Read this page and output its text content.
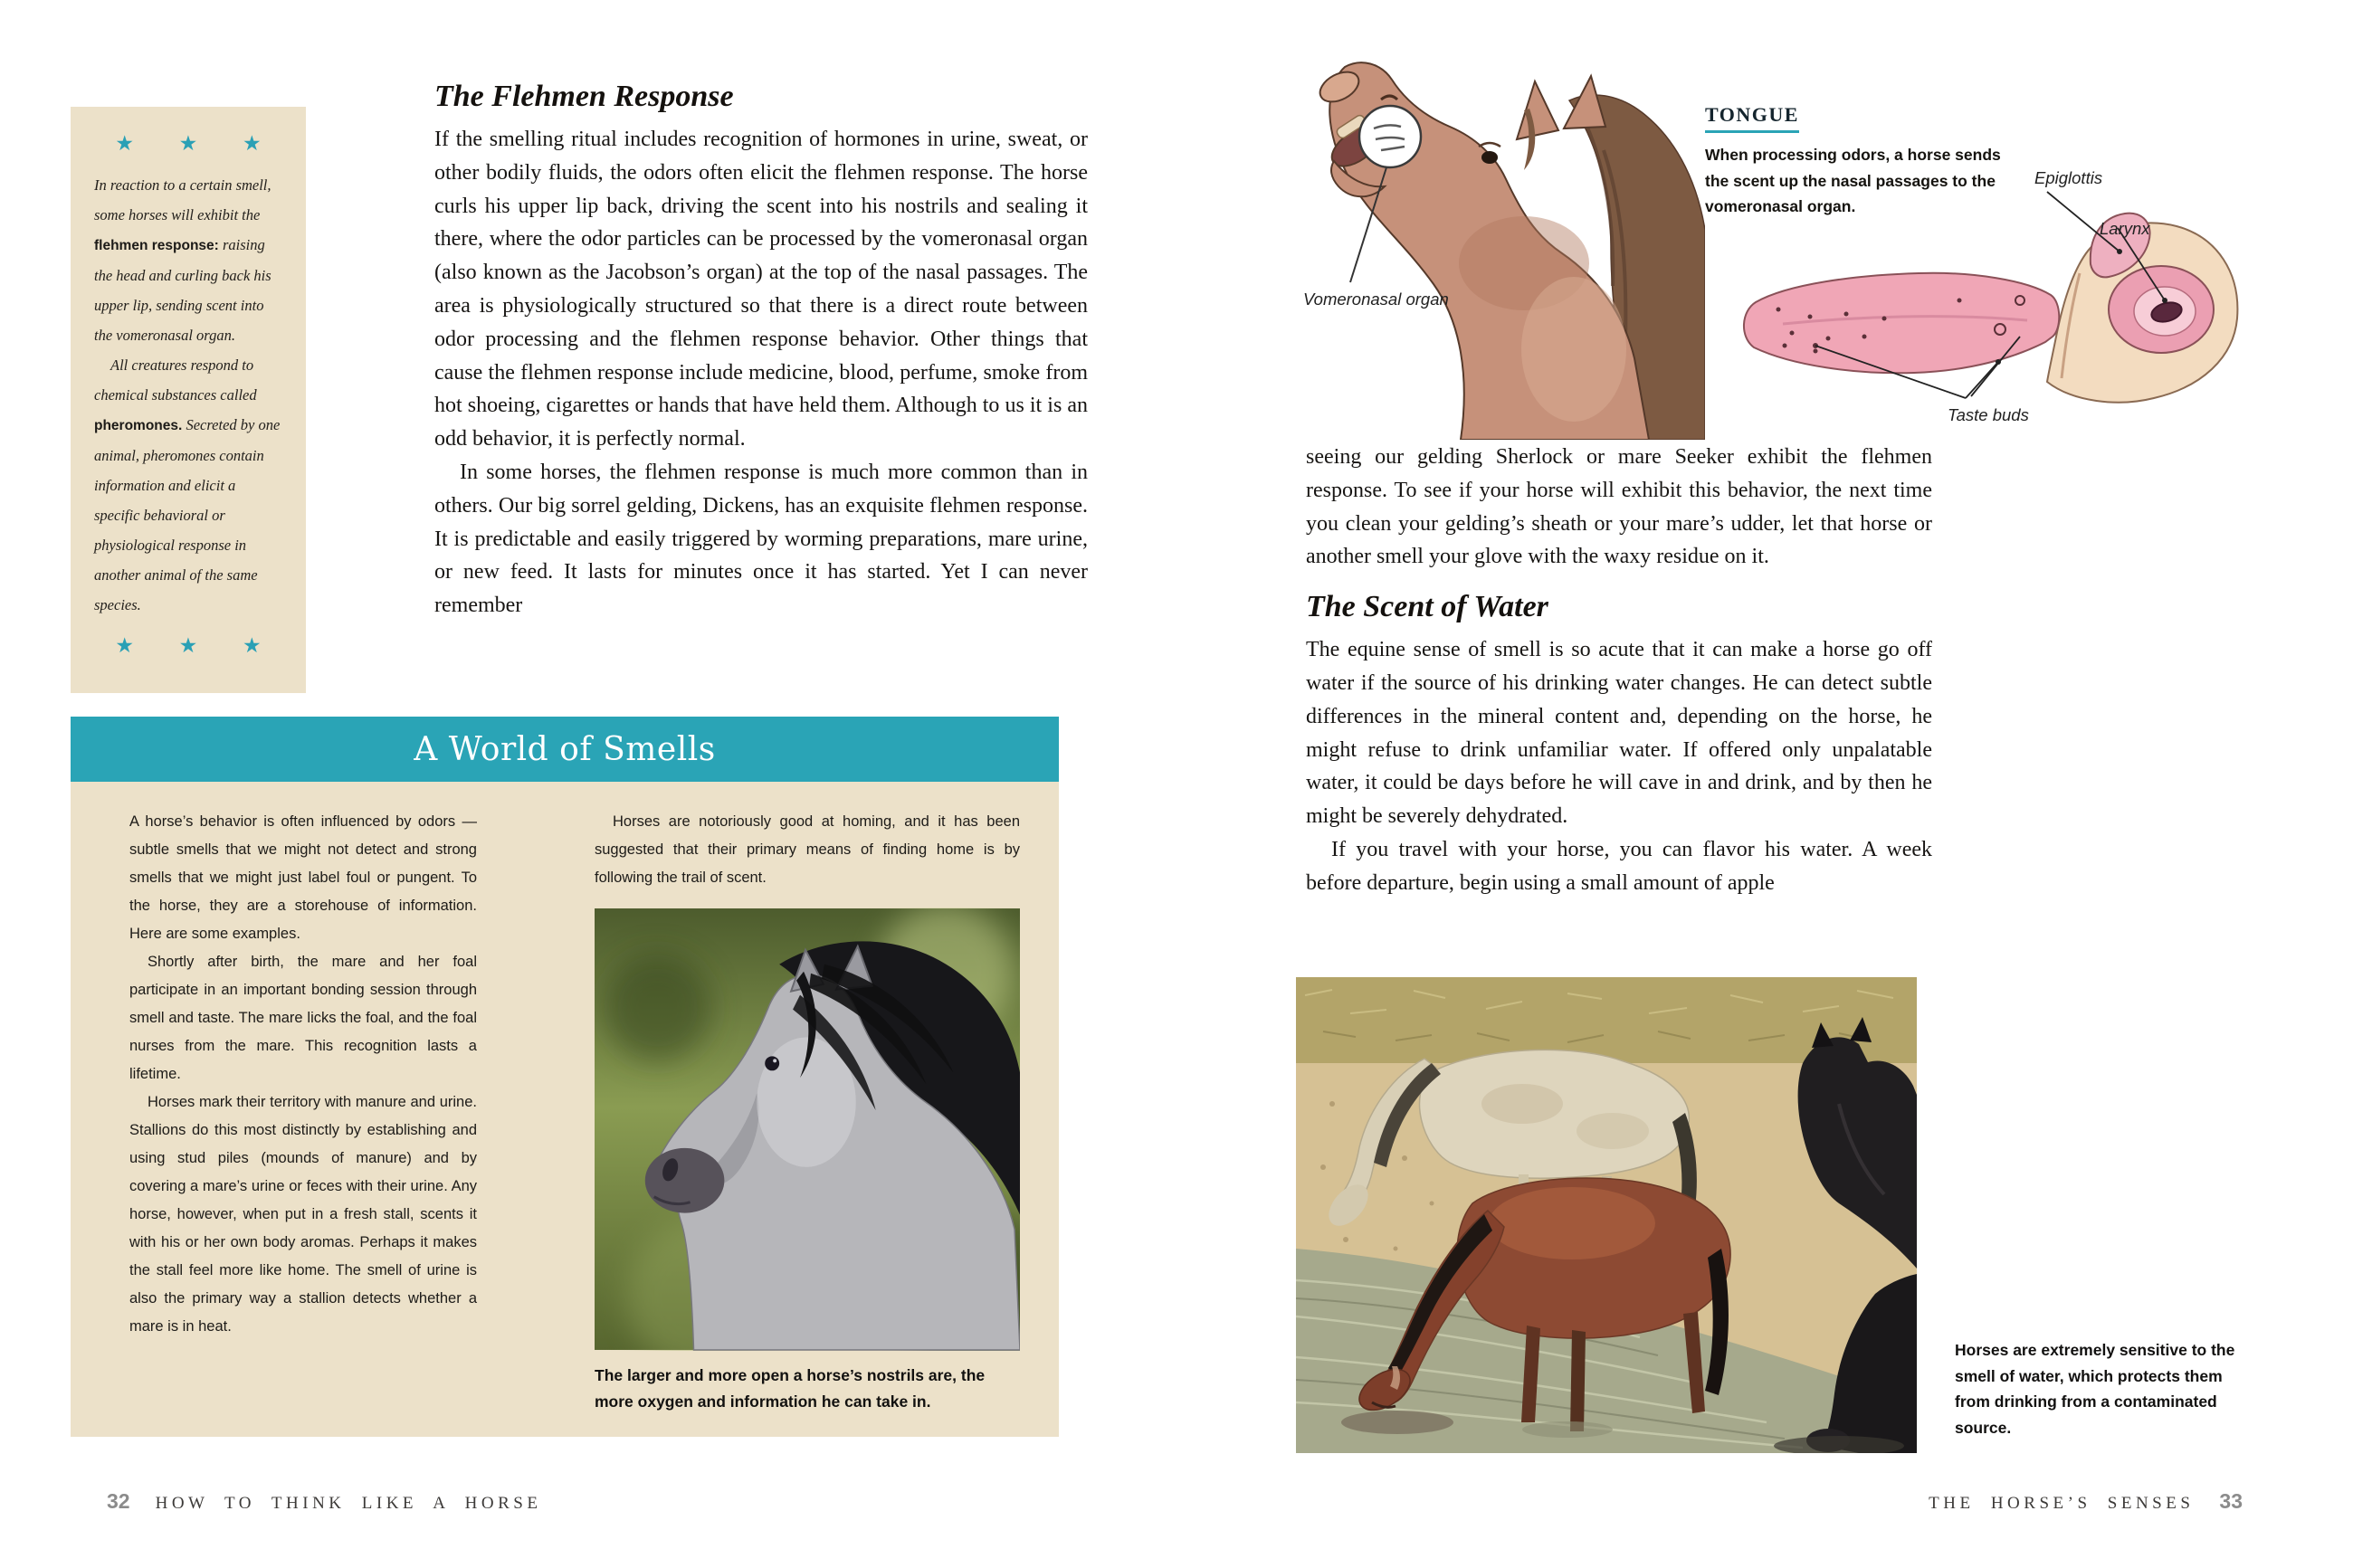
★ ★ ★

In reaction to a certain smell, some horses will exhibit the flehmen response: raising the head and curling back his upper lip, sending scent into the vomeronasal organ.

All creatures respond to chemical substances called pheromones. Secreted by one animal, pheromones contain information and elicit a specific behavioral or physiological response in another animal of the same species.

★ ★ ★

The Flehmen Response

If the smelling ritual includes recognition of hormones in urine, sweat, or other bodily fluids, the odors often elicit the flehmen response. The horse curls his upper lip back, driving the scent into his nostrils and sealing it there, where the odor particles can be processed by the vomeronasal organ (also known as the Jacobson’s organ) at the top of the nasal passages. The area is physiologically structured so that there is a direct route between odor processing and the flehmen response behavior. Other things that cause the flehmen response include medicine, blood, perfume, smoke from hot shoeing, cigarettes or hands that have held them. Although to us it is an odd behavior, it is perfectly normal.

In some horses, the flehmen response is much more common than in others. Our big sorrel gelding, Dickens, has an exquisite flehmen response. It is predictable and easily triggered by worming preparations, mare urine, or new feed. It lasts for minutes once it has started. Yet I can never remember

A World of Smells

A horse’s behavior is often influenced by odors — subtle smells that we might not detect and strong smells that we might just label foul or pungent. To the horse, they are a storehouse of information. Here are some examples.

Shortly after birth, the mare and her foal participate in an important bonding session through smell and taste. The mare licks the foal, and the foal nurses from the mare. This recognition lasts a lifetime.

Horses mark their territory with manure and urine. Stallions do this most distinctly by establishing and using stud piles (mounds of manure) and by covering a mare’s urine or feces with their urine. Any horse, however, when put in a fresh stall, scents it with his or her own body aromas. Perhaps it makes the stall feel more like home. The smell of urine is also the primary way a stallion detects whether a mare is in heat.

Horses are notoriously good at homing, and it has been suggested that their primary means of finding home is by following the trail of scent.

The larger and more open a horse’s nostrils are, the more oxygen and information he can take in.
32 HOW TO THINK LIKE A HORSE
Vomeronasal organ
TONGUE
When processing odors, a horse sends the scent up the nasal passages to the vomeronasal organ.
Epiglottis
Larynx
Taste buds

seeing our gelding Sherlock or mare Seeker exhibit the flehmen response. To see if your horse will exhibit this behavior, the next time you clean your gelding’s sheath or your mare’s udder, let that horse or another smell your glove with the waxy residue on it.

The Scent of Water

The equine sense of smell is so acute that it can make a horse go off water if the source of his drinking water changes. He can detect subtle differences in the mineral content and, depending on the horse, he might refuse to drink unfamiliar water. If offered only unpalatable water, it could be days before he will cave in and drink, and by then he might be severely dehydrated.

If you travel with your horse, you can flavor his water. A week before departure, begin using a small amount of apple

Horses are extremely sensitive to the smell of water, which protects them from drinking from a contaminated source.
THE HORSE’S SENSES 33
